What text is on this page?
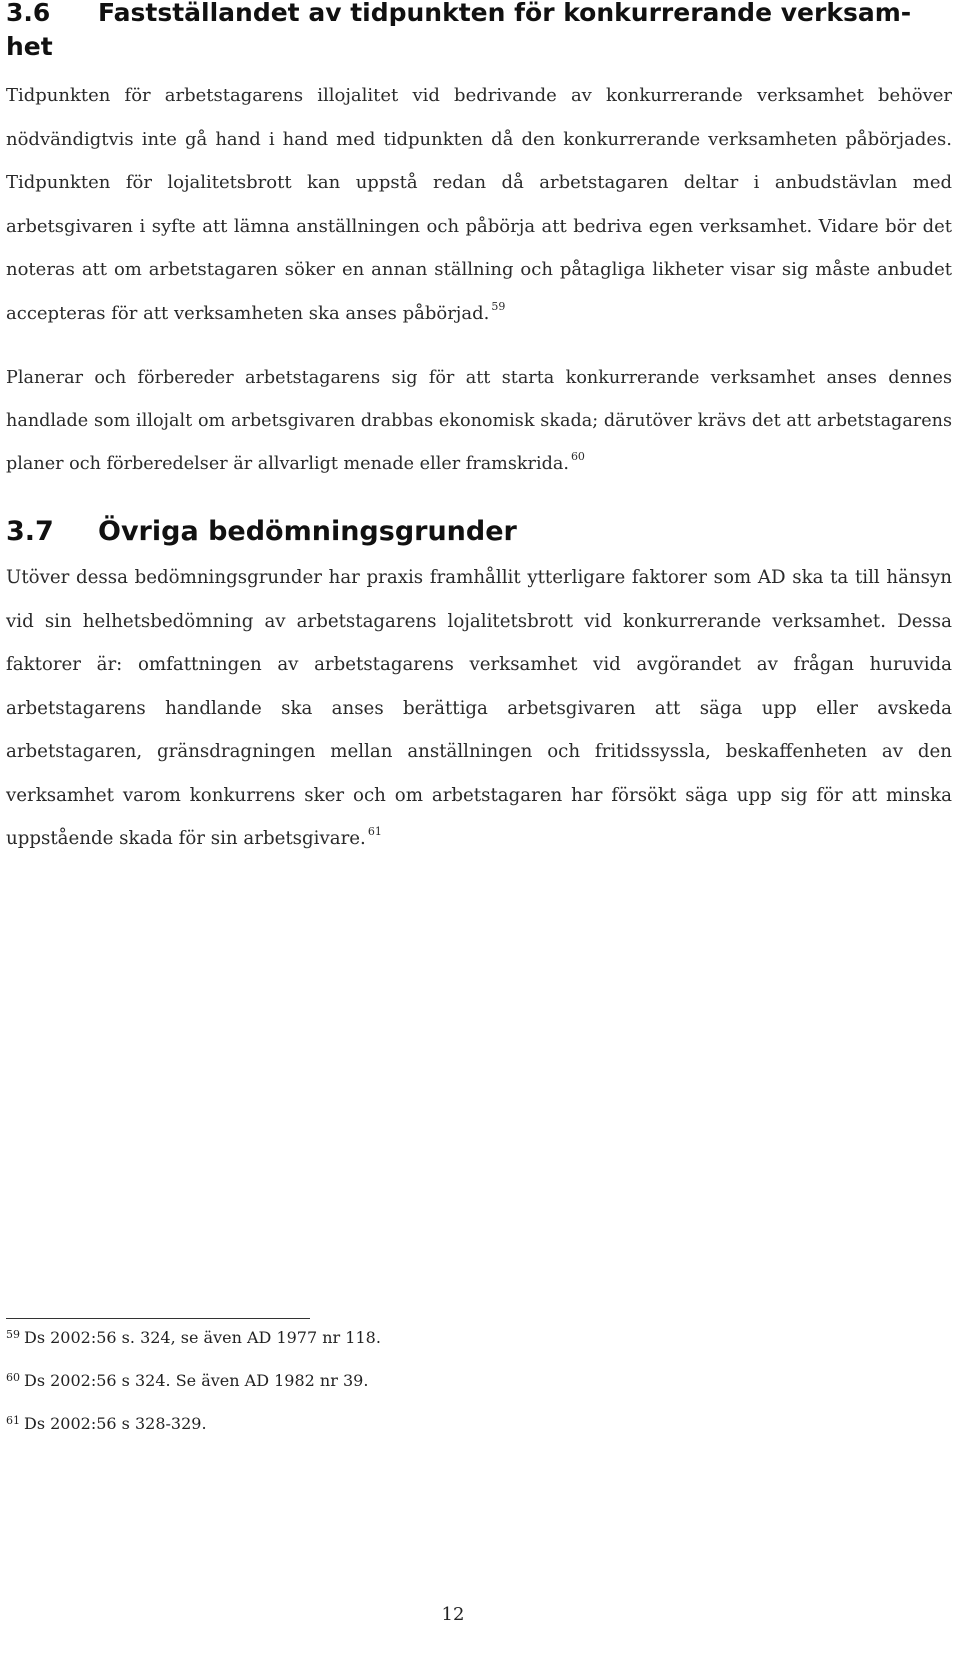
3.6	Fastställandet av tidpunkten för konkurrerande verksam-
het

Tidpunkten för arbetstagarens illojalitet vid bedrivande av konkurrerande verksamhet behöver nödvändigtvis inte gå hand i hand med tidpunkten då den konkurrerande verksamheten påbörjades. Tidpunkten för lojalitetsbrott kan uppstå redan då arbetstagaren deltar i anbudstävlan med arbetsgivaren i syfte att lämna anställningen och påbörja att bedriva egen verksamhet. Vidare bör det noteras att om arbetstagaren söker en annan ställning och påtagliga likheter visar sig måste anbudet accepteras för att verksamheten ska anses påbörjad. $^{59}$

Planerar och förbereder arbetstagarens sig för att starta konkurrerande verksamhet anses dennes handlade som illojalt om arbetsgivaren drabbas ekonomisk skada; därutöver krävs det att arbetstagarens planer och förberedelser är allvarligt menade eller framskrida. $^{60}$

3.7	Övriga bedömningsgrunder

Utöver dessa bedömningsgrunder har praxis framhållit ytterligare faktorer som AD ska ta till hänsyn vid sin helhetsbedömning av arbetstagarens lojalitetsbrott vid konkurrerande verksamhet. Dessa faktorer är: omfattningen av arbetstagarens verksamhet vid avgörandet av frågan huruvida arbetstagarens handlande ska anses berättiga arbetsgivaren att säga upp eller avskeda arbetstagaren, gränsdragningen mellan anställningen och fritidssyssla, beskaffenheten av den verksamhet varom konkurrens sker och om arbetstagaren har försökt säga upp sig för att minska uppstående skada för sin arbetsgivare. $^{61}$

$^{59}$ Ds 2002:56 s. 324, se även AD 1977 nr 118.
$^{60}$ Ds 2002:56 s 324. Se även AD 1982 nr 39.
$^{61}$ Ds 2002:56 s 328-329.
12
